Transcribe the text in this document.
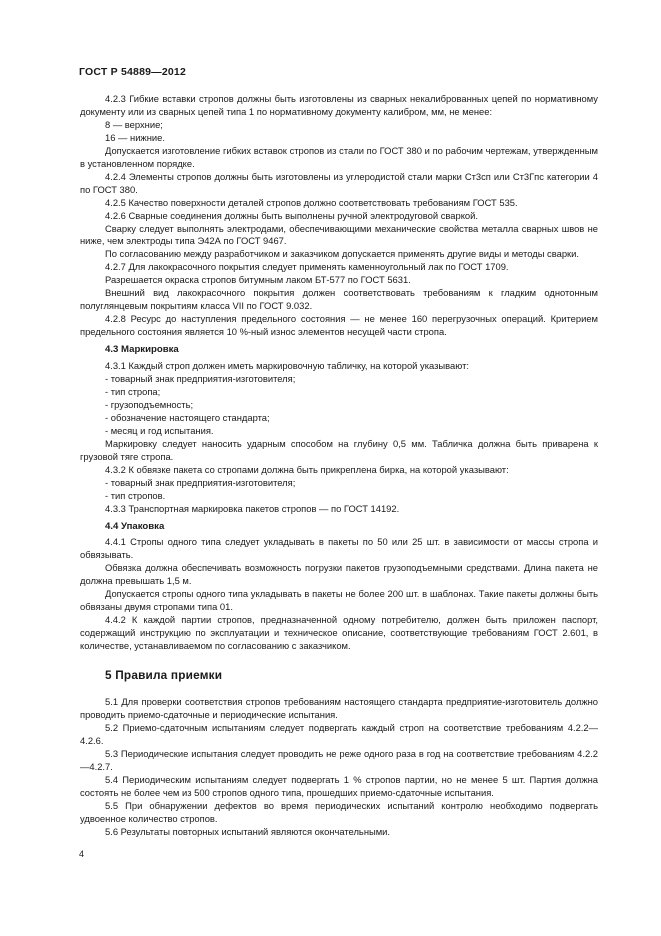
ГОСТ Р 54889—2012

4.2.3 Гибкие вставки стропов должны быть изготовлены из сварных некалиброванных цепей по нормативному документу или из сварных цепей типа 1 по нормативному документу калибром, мм, не менее:

8 — верхние;

16 — нижние.

Допускается изготовление гибких вставок стропов из стали по ГОСТ 380 и по рабочим чертежам, утвержденным в установленном порядке.

4.2.4 Элементы стропов должны быть изготовлены из углеродистой стали марки Ст3сп или Ст3Гпс категории 4 по ГОСТ 380.

4.2.5 Качество поверхности деталей стропов должно соответствовать требованиям ГОСТ 535.

4.2.6 Сварные соединения должны быть выполнены ручной электродуговой сваркой.

Сварку следует выполнять электродами, обеспечивающими механические свойства металла сварных швов не ниже, чем электроды типа Э42А по ГОСТ 9467.

По согласованию между разработчиком и заказчиком допускается применять другие виды и методы сварки.

4.2.7 Для лакокрасочного покрытия следует применять каменноугольный лак по ГОСТ 1709.

Разрешается окраска стропов битумным лаком БТ-577 по ГОСТ 5631.

Внешний вид лакокрасочного покрытия должен соответствовать требованиям к гладким однотонным полуглянцевым покрытиям класса VII по ГОСТ 9.032.

4.2.8 Ресурс до наступления предельного состояния — не менее 160 перегрузочных операций. Критерием предельного состояния является 10 %-ный износ элементов несущей части стропа.

4.3 Маркировка

4.3.1 Каждый строп должен иметь маркировочную табличку, на которой указывают:

- товарный знак предприятия-изготовителя;

- тип стропа;

- грузоподъемность;

- обозначение настоящего стандарта;

- месяц и год испытания.

Маркировку следует наносить ударным способом на глубину 0,5 мм. Табличка должна быть приварена к грузовой тяге стропа.

4.3.2 К обвязке пакета со стропами должна быть прикреплена бирка, на которой указывают:

- товарный знак предприятия-изготовителя;

- тип стропов.

4.3.3 Транспортная маркировка пакетов стропов — по ГОСТ 14192.

4.4 Упаковка

4.4.1 Стропы одного типа следует укладывать в пакеты по 50 или 25 шт. в зависимости от массы стропа и обвязывать.

Обвязка должна обеспечивать возможность погрузки пакетов грузоподъемными средствами. Длина пакета не должна превышать 1,5 м.

Допускается стропы одного типа укладывать в пакеты не более 200 шт. в шаблонах. Такие пакеты должны быть обвязаны двумя стропами типа 01.

4.4.2 К каждой партии стропов, предназначенной одному потребителю, должен быть приложен паспорт, содержащий инструкцию по эксплуатации и техническое описание, соответствующие требованиям ГОСТ 2.601, в количестве, устанавливаемом по согласованию с заказчиком.

5 Правила приемки

5.1 Для проверки соответствия стропов требованиям настоящего стандарта предприятие-изготовитель должно проводить приемо-сдаточные и периодические испытания.

5.2 Приемо-сдаточным испытаниям следует подвергать каждый строп на соответствие требованиям 4.2.2—4.2.6.

5.3 Периодические испытания следует проводить не реже одного раза в год на соответствие требованиям 4.2.2—4.2.7.

5.4 Периодическим испытаниям следует подвергать 1 % стропов партии, но не менее 5 шт. Партия должна состоять не более чем из 500 стропов одного типа, прошедших приемо-сдаточные испытания.

5.5 При обнаружении дефектов во время периодических испытаний контролю необходимо подвергать удвоенное количество стропов.

5.6 Результаты повторных испытаний являются окончательными.

4
